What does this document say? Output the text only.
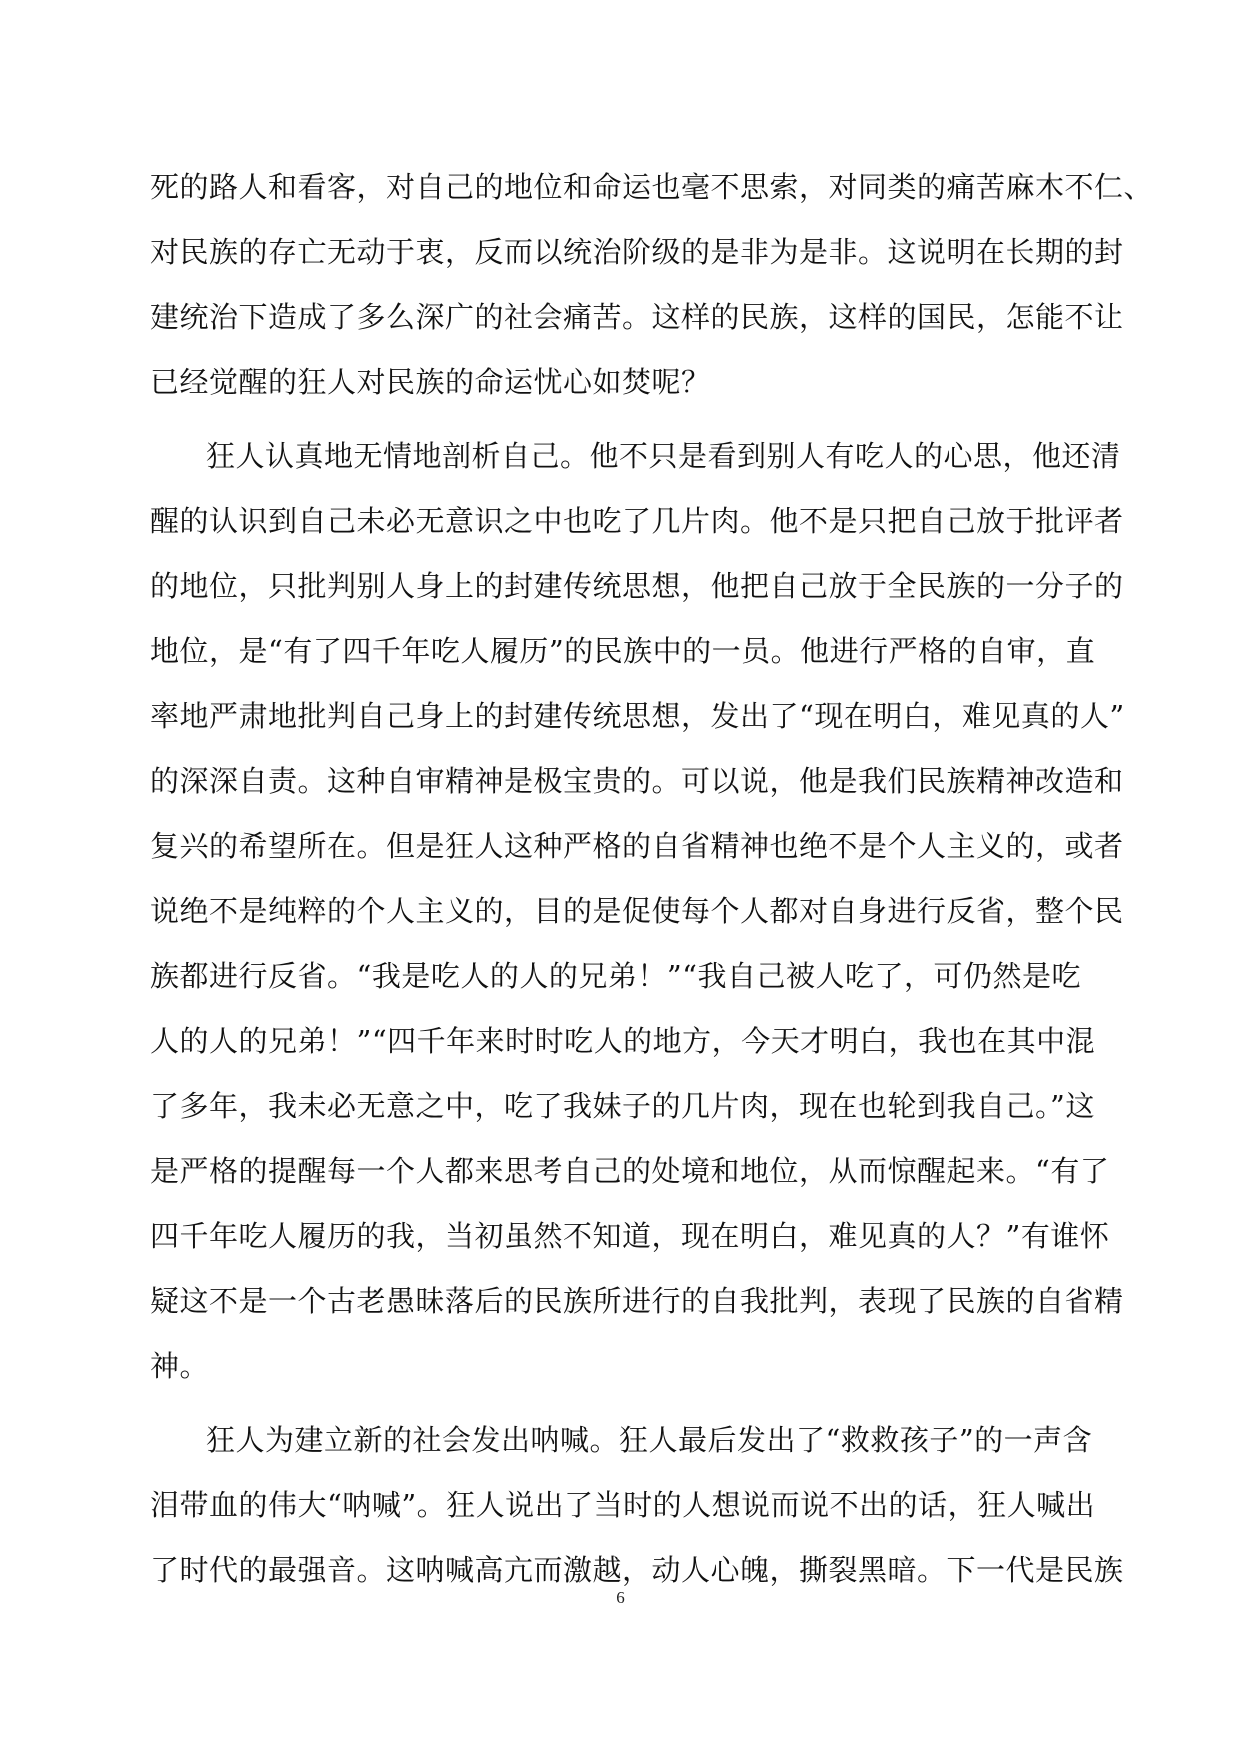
死的路人和看客，对自己的地位和命运也毫不思索，对同类的痛苦麻木不仁、
对民族的存亡无动于衷，反而以统治阶级的是非为是非。这说明在长期的封
建统治下造成了多么深广的社会痛苦。这样的民族，这样的国民，怎能不让
已经觉醒的狂人对民族的命运忧心如焚呢？
狂人认真地无情地剖析自己。他不只是看到别人有吃人的心思，他还清
醒的认识到自己未必无意识之中也吃了几片肉。他不是只把自己放于批评者
的地位，只批判别人身上的封建传统思想，他把自己放于全民族的一分子的
地位，是“有了四千年吃人履历”的民族中的一员。他进行严格的自审，直
率地严肃地批判自己身上的封建传统思想，发出了“现在明白，难见真的人”
的深深自责。这种自审精神是极宝贵的。可以说，他是我们民族精神改造和
复兴的希望所在。但是狂人这种严格的自省精神也绝不是个人主义的，或者
说绝不是纯粹的个人主义的，目的是促使每个人都对自身进行反省，整个民
族都进行反省。“我是吃人的人的兄弟！”“我自己被人吃了，可仍然是吃
人的人的兄弟！”“四千年来时时吃人的地方，今天才明白，我也在其中混
了多年，我未必无意之中，吃了我妹子的几片肉，现在也轮到我自己。”这
是严格的提醒每一个人都来思考自己的处境和地位，从而惊醒起来。“有了
四千年吃人履历的我，当初虽然不知道，现在明白，难见真的人？”有谁怀
疑这不是一个古老愚昧落后的民族所进行的自我批判，表现了民族的自省精
神。
狂人为建立新的社会发出呐喊。狂人最后发出了“救救孩子”的一声含
泪带血的伟大“呐喊”。狂人说出了当时的人想说而说不出的话，狂人喊出
了时代的最强音。这呐喊高亢而激越，动人心魄，撕裂黑暗。下一代是民族
6
